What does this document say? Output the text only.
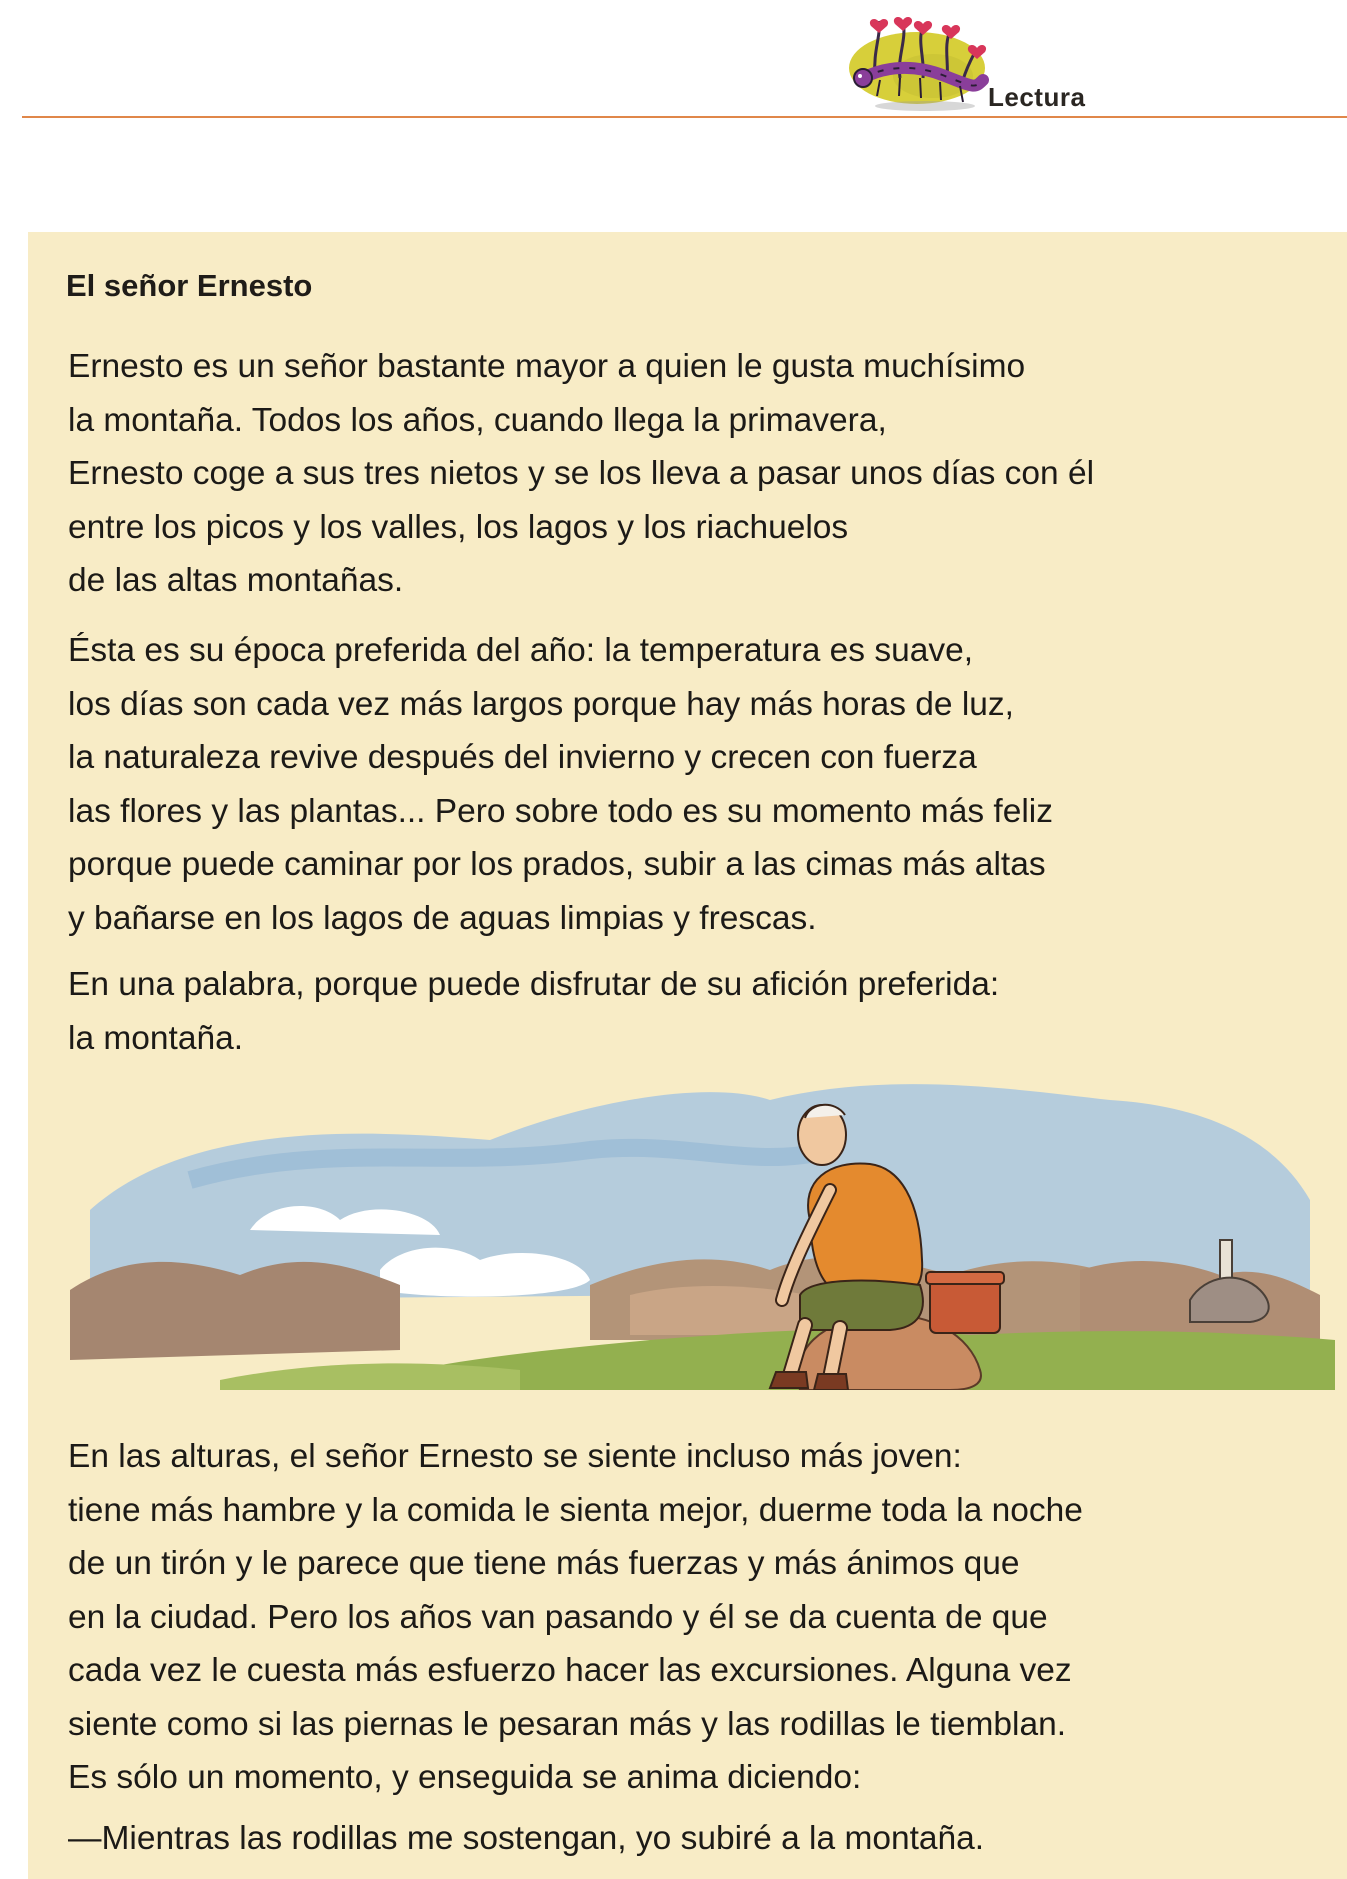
Lectura
El señor Ernesto
Ernesto es un señor bastante mayor a quien le gusta muchísimo
la montaña. Todos los años, cuando llega la primavera,
Ernesto coge a sus tres nietos y se los lleva a pasar unos días con él
entre los picos y los valles, los lagos y los riachuelos
de las altas montañas.
Ésta es su época preferida del año: la temperatura es suave,
los días son cada vez más largos porque hay más horas de luz,
la naturaleza revive después del invierno y crecen con fuerza
las flores y las plantas... Pero sobre todo es su momento más feliz
porque puede caminar por los prados, subir a las cimas más altas
y bañarse en los lagos de aguas limpias y frescas.
En una palabra, porque puede disfrutar de su afición preferida:
la montaña.
En las alturas, el señor Ernesto se siente incluso más joven:
tiene más hambre y la comida le sienta mejor, duerme toda la noche
de un tirón y le parece que tiene más fuerzas y más ánimos que
en la ciudad. Pero los años van pasando y él se da cuenta de que
cada vez le cuesta más esfuerzo hacer las excursiones. Alguna vez
siente como si las piernas le pesaran más y las rodillas le tiemblan.
Es sólo un momento, y enseguida se anima diciendo:
—Mientras las rodillas me sostengan, yo subiré a la montaña.
